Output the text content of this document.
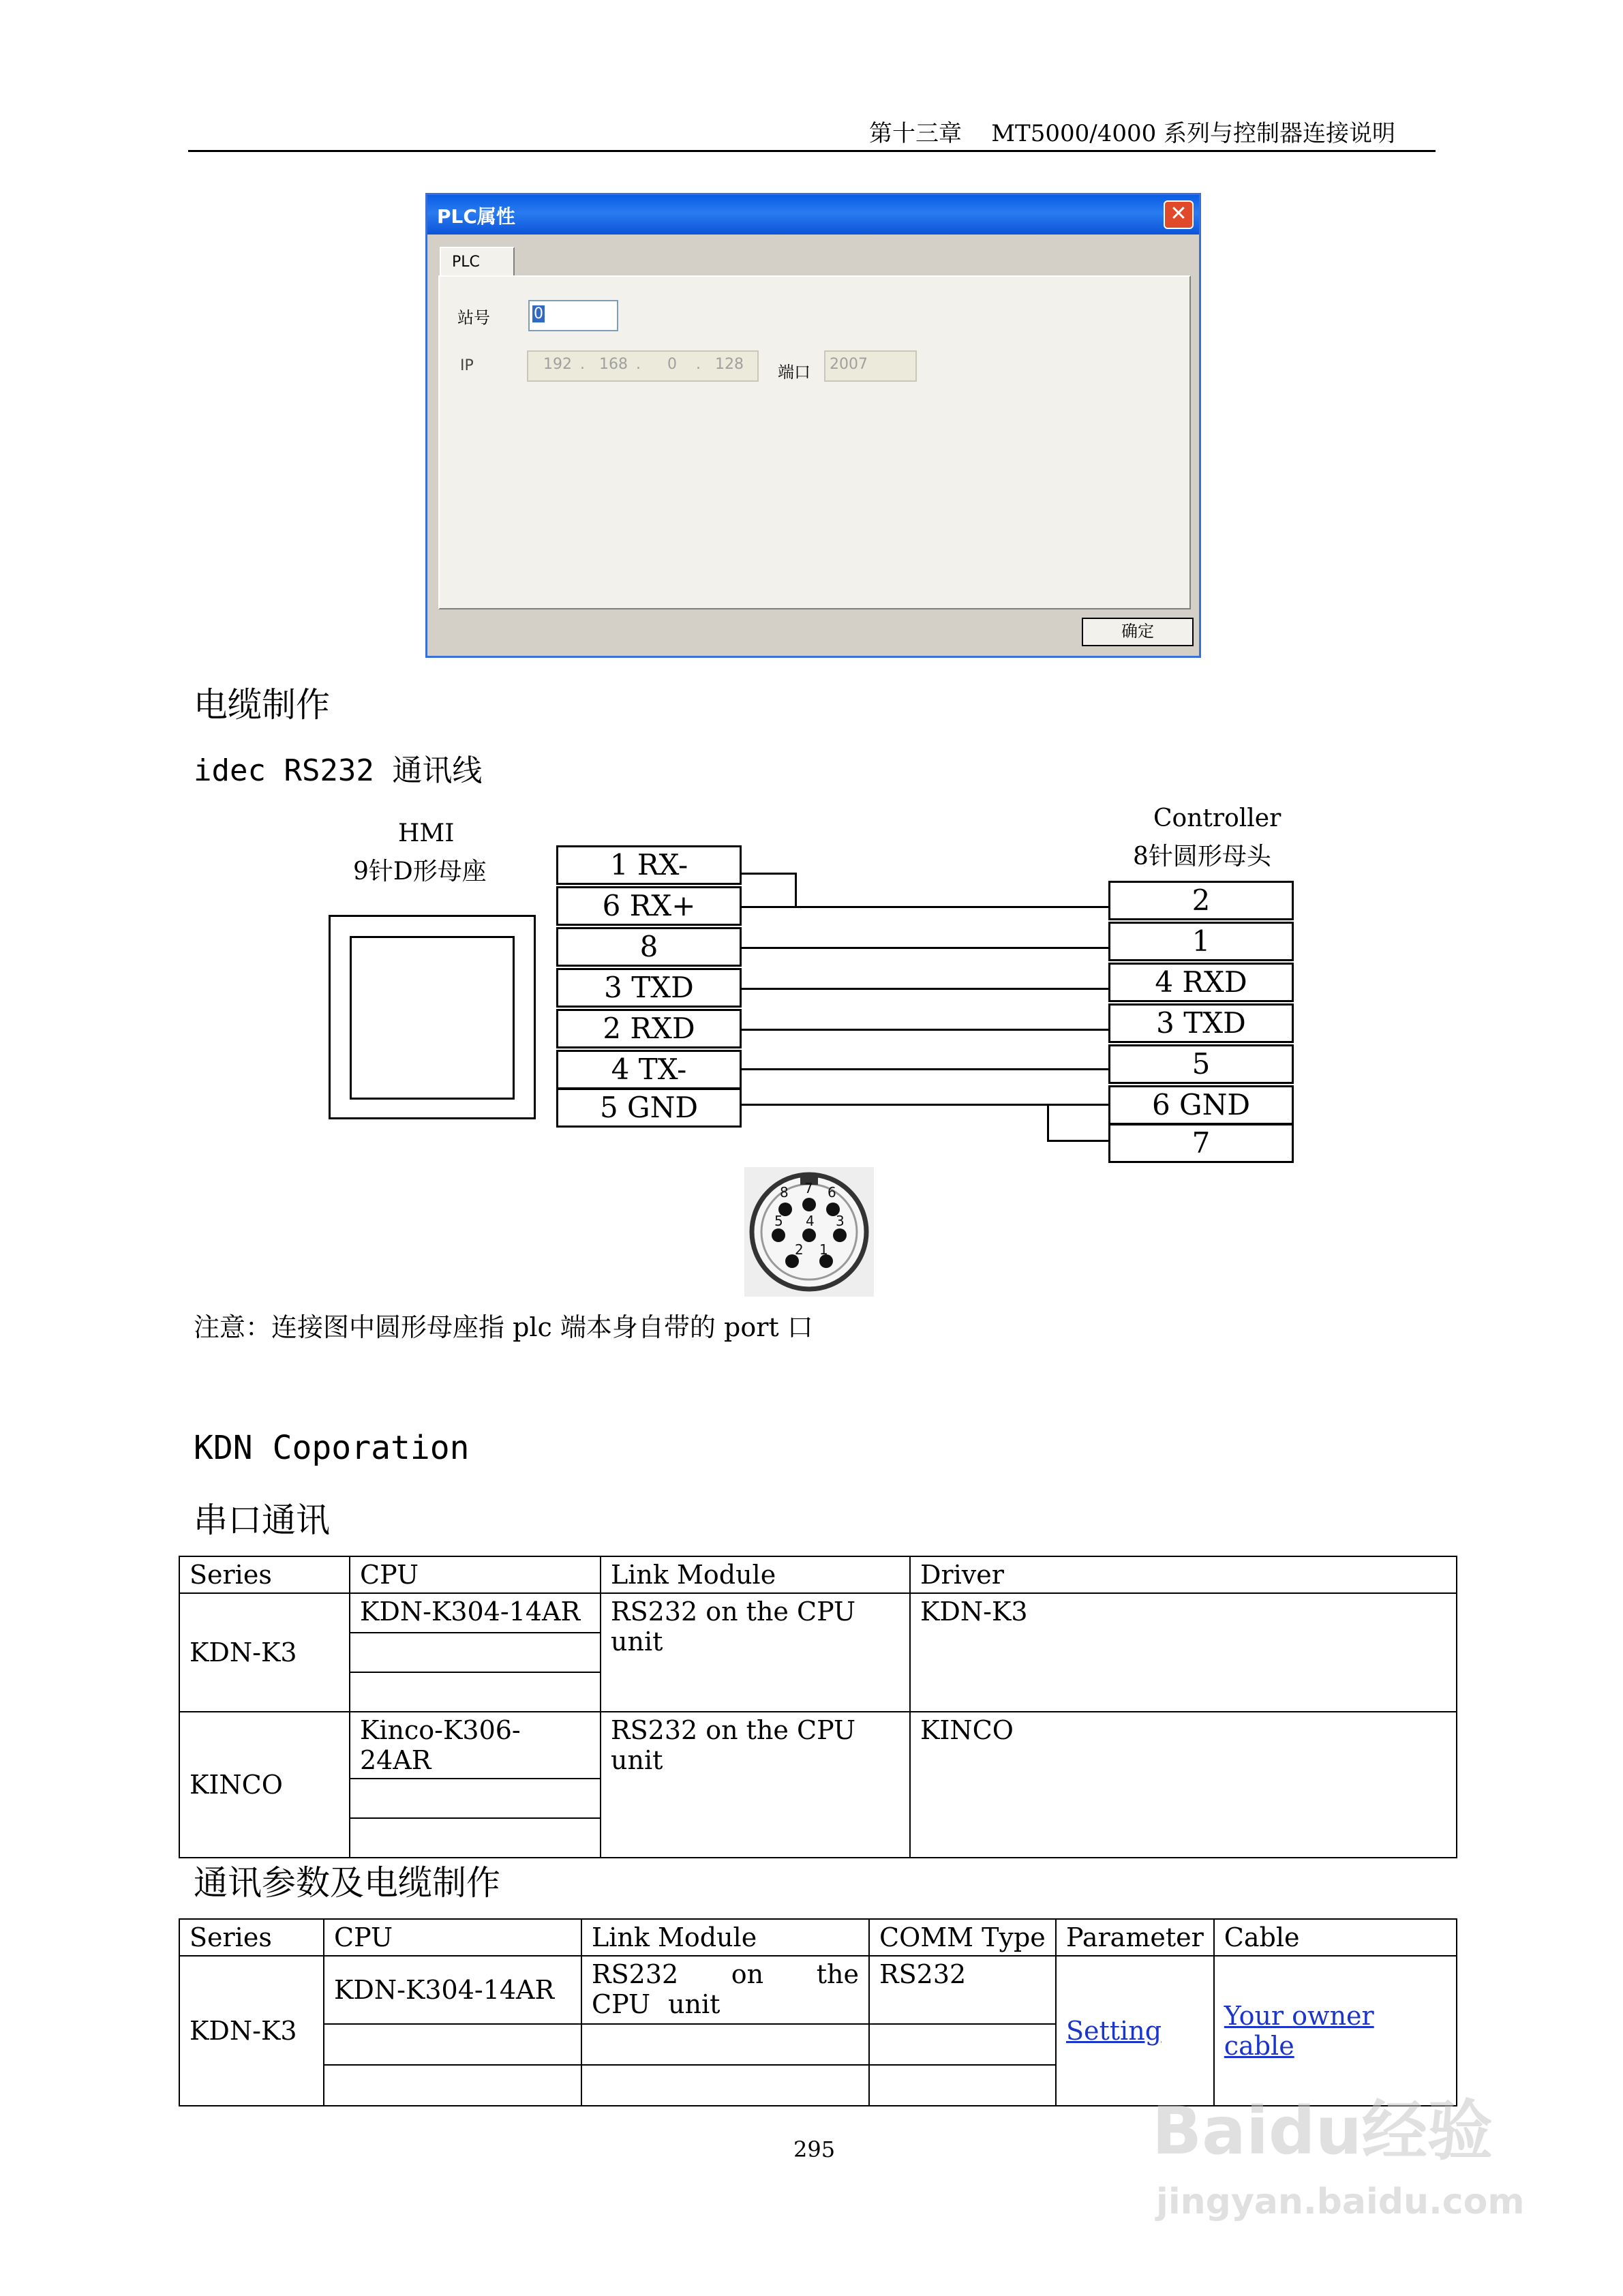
第十三章 MT5000/4000 系列与控制器连接说明
PLC属性	✕
PLC
站号	0
IP	192 . 168 . 0 . 128 端口	2007
确定
电缆制作
idec RS232 通讯线
HMI
9针D形母座
Controller
8针圆形母头
1 RX-
6 RX+
8
3 TXD
2 RXD
4 TX-
5 GND
2
1
4 RXD
3 TXD
5
6 GND
7
8 7 6
5 4 3
2 1
注意：连接图中圆形母座指 plc 端本身自带的 port 口
KDN Coporation
串口通讯
Series	CPU	Link Module	Driver
KDN-K3	KDN-K304-14AR	RS232 on the CPU unit	KDN-K3

KINCO	Kinco-K306-24AR	RS232 on the CPU unit	KINCO

通讯参数及电缆制作
Series	CPU	Link Module	COMM Type	Parameter	Cable
KDN-K3	KDN-K304-14AR	RS232 on the CPU unit	RS232	Setting	Your owner cable

295	Baidu经验
jingyan.baidu.com
